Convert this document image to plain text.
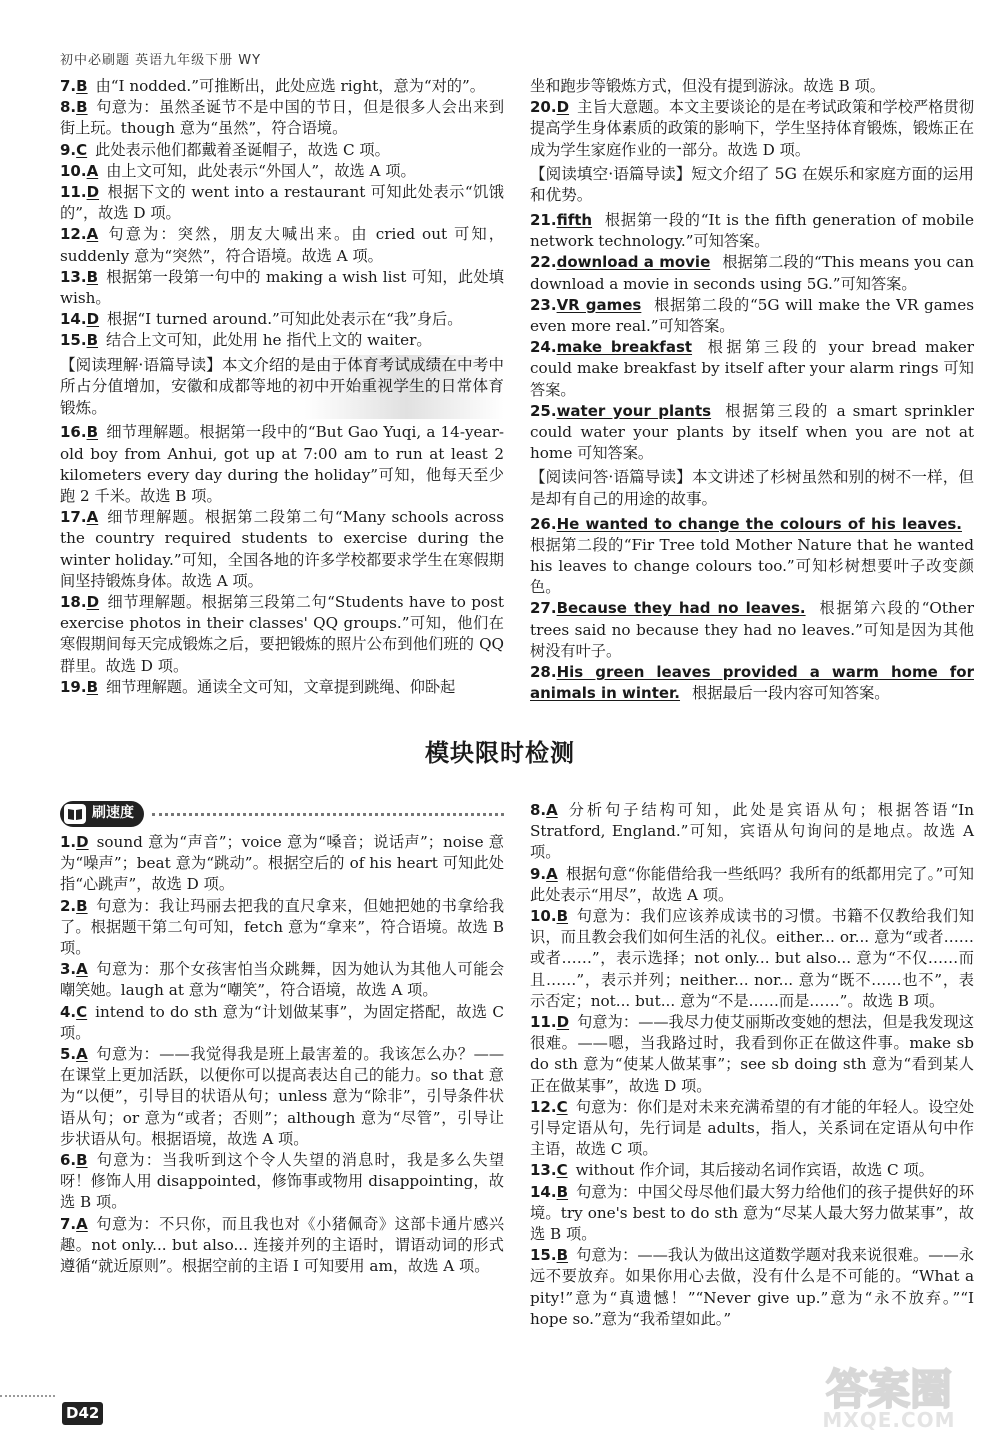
初中必刷题 英语九年级下册 WY

7.B 由“I nodded.”可推断出，此处应选 right，意为“对的”。

8.B 句意为：虽然圣诞节不是中国的节日，但是很多人会出来到街上玩。though 意为“虽然”，符合语境。

9.C 此处表示他们都戴着圣诞帽子，故选 C 项。

10.A 由上文可知，此处表示“外国人”，故选 A 项。

11.D 根据下文的 went into a restaurant 可知此处表示“饥饿的”，故选 D 项。

12.A 句意为：突然，朋友大喊出来。由 cried out 可知，suddenly 意为“突然”，符合语境。故选 A 项。

13.B 根据第一段第一句中的 making a wish list 可知，此处填 wish。

14.D 根据“I turned around.”可知此处表示在“我”身后。

15.B 结合上文可知，此处用 he 指代上文的 waiter。

【阅读理解·语篇导读】本文介绍的是由于体育考试成绩在中考中所占分值增加，安徽和成都等地的初中开始重视学生的日常体育锻炼。

16.B 细节理解题。根据第一段中的“But Gao Yuqi, a 14-year-old boy from Anhui, got up at 7:00 am to run at least 2 kilometers every day during the holiday”可知，他每天至少跑 2 千米。故选 B 项。

17.A 细节理解题。根据第二段第二句“Many schools across the country required students to exercise during the winter holiday.”可知，全国各地的许多学校都要求学生在寒假期间坚持锻炼身体。故选 A 项。

18.D 细节理解题。根据第三段第二句“Students have to post exercise photos in their classes' QQ groups.”可知，他们在寒假期间每天完成锻炼之后，要把锻炼的照片公布到他们班的 QQ 群里。故选 D 项。

19.B 细节理解题。通读全文可知，文章提到跳绳、仰卧起

坐和跑步等锻炼方式，但没有提到游泳。故选 B 项。

20.D 主旨大意题。本文主要谈论的是在考试政策和学校严格贯彻提高学生身体素质的政策的影响下，学生坚持体育锻炼，锻炼正在成为学生家庭作业的一部分。故选 D 项。

【阅读填空·语篇导读】短文介绍了 5G 在娱乐和家庭方面的运用和优势。

21.fifth 根据第一段的“It is the fifth generation of mobile network technology.”可知答案。

22.download a movie 根据第二段的“This means you can download a movie in seconds using 5G.”可知答案。

23.VR games 根据第二段的“5G will make the VR games even more real.”可知答案。

24.make breakfast 根据第三段的 your bread maker could make breakfast by itself after your alarm rings 可知答案。

25.water your plants 根据第三段的 a smart sprinkler could water your plants by itself when you are not at home 可知答案。

【阅读问答·语篇导读】本文讲述了杉树虽然和别的树不一样，但是却有自己的用途的故事。

26.He wanted to change the colours of his leaves.根据第二段的“Fir Tree told Mother Nature that he wanted his leaves to change colours too.”可知杉树想要叶子改变颜色。

27.Because they had no leaves. 根据第六段的“Other trees said no because they had no leaves.”可知是因为其他树没有叶子。

28.His green leaves provided a warm home for animals in winter. 根据最后一段内容可知答案。

模块限时检测
刷速度

1.D sound 意为“声音”；voice 意为“嗓音；说话声”；noise 意为“噪声”；beat 意为“跳动”。根据空后的 of his heart 可知此处指“心跳声”，故选 D 项。

2.B 句意为：我让玛丽去把我的直尺拿来，但她把她的书拿给我了。根据题干第二句可知，fetch 意为“拿来”，符合语境。故选 B 项。

3.A 句意为：那个女孩害怕当众跳舞，因为她认为其他人可能会嘲笑她。laugh at 意为“嘲笑”，符合语境，故选 A 项。

4.C intend to do sth 意为“计划做某事”，为固定搭配，故选 C 项。

5.A 句意为：——我觉得我是班上最害羞的。我该怎么办？——在课堂上更加活跃，以便你可以提高表达自己的能力。so that 意为“以便”，引导目的状语从句；unless 意为“除非”，引导条件状语从句；or 意为“或者；否则”；although 意为“尽管”，引导让步状语从句。根据语境，故选 A 项。

6.B 句意为：当我听到这个令人失望的消息时，我是多么失望呀！修饰人用 disappointed，修饰事或物用 disappointing，故选 B 项。

7.A 句意为：不只你，而且我也对《小猪佩奇》这部卡通片感兴趣。not only... but also... 连接并列的主语时，谓语动词的形式遵循“就近原则”。根据空前的主语 I 可知要用 am，故选 A 项。

8.A 分析句子结构可知，此处是宾语从句；根据答语“In Stratford, England.”可知，宾语从句询问的是地点。故选 A 项。

9.A 根据句意“你能借给我一些纸吗？我所有的纸都用完了。”可知此处表示“用尽”，故选 A 项。

10.B 句意为：我们应该养成读书的习惯。书籍不仅教给我们知识，而且教会我们如何生活的礼仪。either... or... 意为“或者……或者……”，表示选择；not only... but also... 意为“不仅……而且……”，表示并列；neither... nor... 意为“既不……也不”，表示否定；not... but... 意为“不是……而是……”。故选 B 项。

11.D 句意为：——我尽力使艾丽斯改变她的想法，但是我发现这很难。——嗯，当我路过时，我看到你正在做这件事。make sb do sth 意为“使某人做某事”；see sb doing sth 意为“看到某人正在做某事”，故选 D 项。

12.C 句意为：你们是对未来充满希望的有才能的年轻人。设空处引导定语从句，先行词是 adults，指人，关系词在定语从句中作主语，故选 C 项。

13.C without 作介词，其后接动名词作宾语，故选 C 项。

14.B 句意为：中国父母尽他们最大努力给他们的孩子提供好的环境。try one's best to do sth 意为“尽某人最大努力做某事”，故选 B 项。

15.B 句意为：——我认为做出这道数学题对我来说很难。——永远不要放弃。如果你用心去做，没有什么是不可能的。“What a pity!”意为“真遗憾！”“Never give up.”意为“永不放弃。”“I hope so.”意为“我希望如此。”

D42	答案圈
MXQE.COM
